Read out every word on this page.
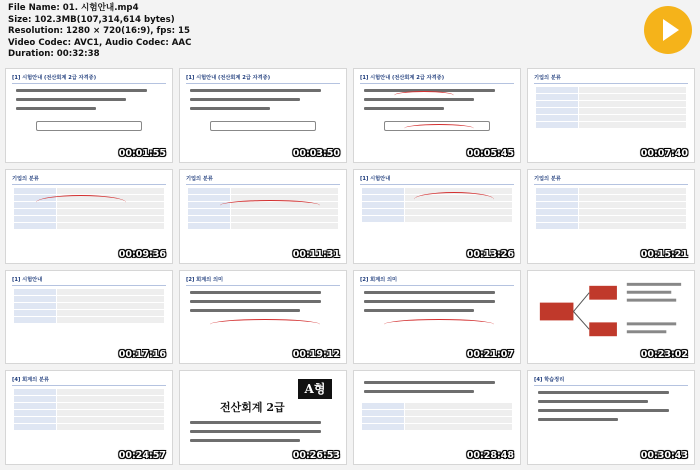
File Name: 01. 시험안내.mp4
Size: 102.3MB(107,314,614 bytes)
Resolution: 1280 × 720(16:9), fps: 15
Video Codec: AVC1, Audio Codec: AAC
Duration: 00:32:38
[1] 시험안내 (전산회계 2급 자격증)
00:01:55
[1] 시험안내 (전산회계 2급 자격증)
00:03:50
[1] 시험안내 (전산회계 2급 자격증)
00:05:45
기업의 분류
00:07:40
기업의 분류
00:09:36
기업의 분류
00:11:31
[1] 시험안내
00:13:26
기업의 분류
00:15:21
[1] 시험안내
00:17:16
[2] 회계의 의미
00:19:12
[2] 회계의 의미
00:21:07	00:23:02
[4] 회계의 분류
00:24:57
A형
전산회계 2급
00:26:53	00:28:48
[4] 학습정리
00:30:43
